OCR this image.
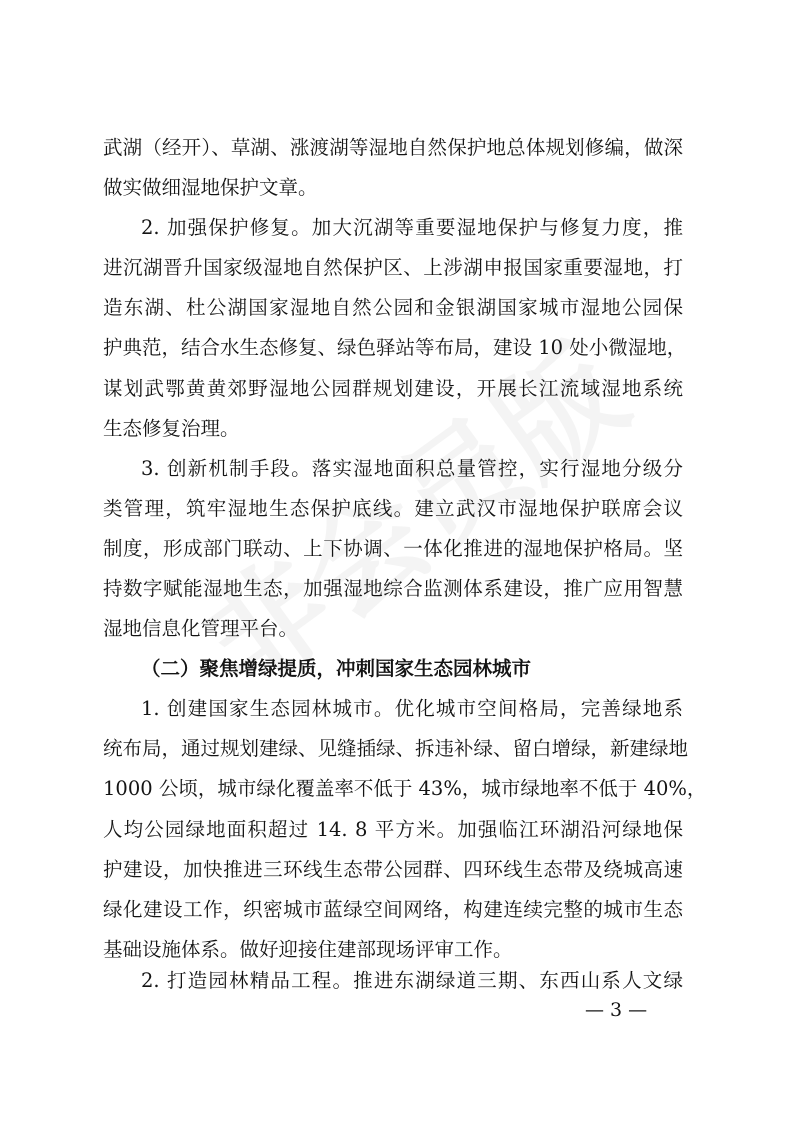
武湖（经开）、草湖、涨渡湖等湿地自然保护地总体规划修编，做深
做实做细湿地保护文章。
2. 加强保护修复。加大沉湖等重要湿地保护与修复力度，推
进沉湖晋升国家级湿地自然保护区、上涉湖申报国家重要湿地，打
造东湖、杜公湖国家湿地自然公园和金银湖国家城市湿地公园保
护典范，结合水生态修复、绿色驿站等布局，建设 10 处小微湿地，
谋划武鄂黄黄郊野湿地公园群规划建设，开展长江流域湿地系统
生态修复治理。
3. 创新机制手段。落实湿地面积总量管控，实行湿地分级分
类管理，筑牢湿地生态保护底线。建立武汉市湿地保护联席会议
制度，形成部门联动、上下协调、一体化推进的湿地保护格局。坚
持数字赋能湿地生态，加强湿地综合监测体系建设，推广应用智慧
湿地信息化管理平台。
（二）聚焦增绿提质，冲刺国家生态园林城市
1. 创建国家生态园林城市。优化城市空间格局，完善绿地系
统布局，通过规划建绿、见缝插绿、拆违补绿、留白增绿，新建绿地
1000 公顷，城市绿化覆盖率不低于 43%，城市绿地率不低于 40%，
人均公园绿地面积超过 14. 8 平方米。加强临江环湖沿河绿地保
护建设，加快推进三环线生态带公园群、四环线生态带及绕城高速
绿化建设工作，织密城市蓝绿空间网络，构建连续完整的城市生态
基础设施体系。做好迎接住建部现场评审工作。
2. 打造园林精品工程。推进东湖绿道三期、东西山系人文绿
— 3 —
